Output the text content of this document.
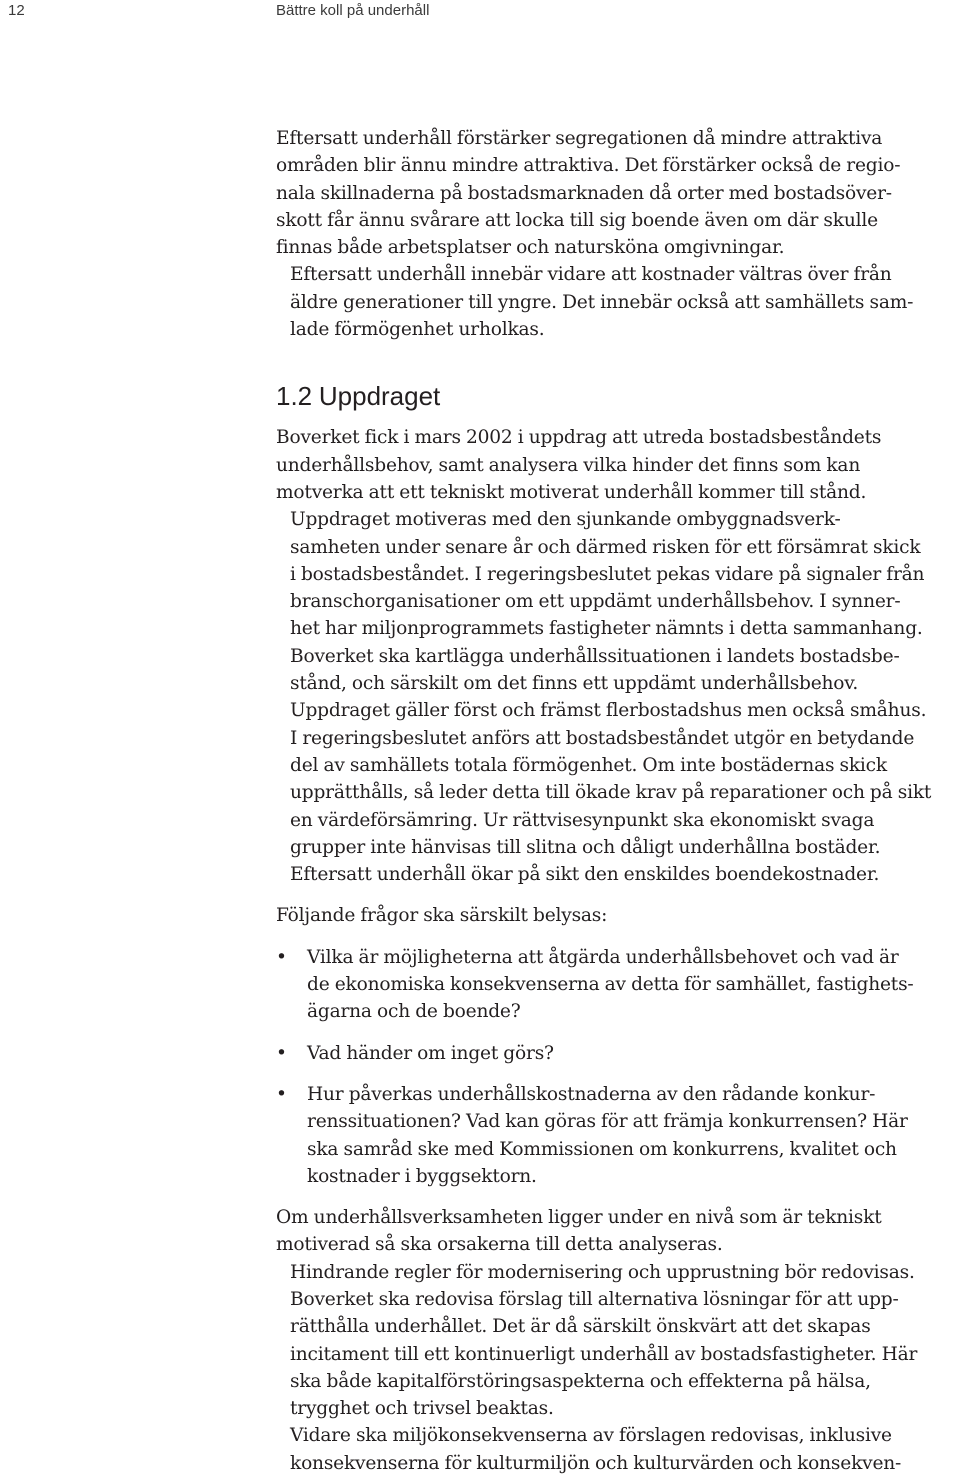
12	Bättre koll på underhåll

Eftersatt underhåll förstärker segregationen då mindre attraktiva
områden blir ännu mindre attraktiva. Det förstärker också de regio-
nala skillnaderna på bostadsmarknaden då orter med bostadsöver-
skott får ännu svårare att locka till sig boende även om där skulle
finnas både arbetsplatser och natursköna omgivningar.

Eftersatt underhåll innebär vidare att kostnader vältras över från
äldre generationer till yngre. Det innebär också att samhällets sam-
lade förmögenhet urholkas.

1.2 Uppdraget

Boverket fick i mars 2002 i uppdrag att utreda bostadsbeståndets
underhållsbehov, samt analysera vilka hinder det finns som kan
motverka att ett tekniskt motiverat underhåll kommer till stånd.

Uppdraget motiveras med den sjunkande ombyggnadsverk-
samheten under senare år och därmed risken för ett försämrat skick
i bostadsbeståndet. I regeringsbeslutet pekas vidare på signaler från
branschorganisationer om ett uppdämt underhållsbehov. I synner-
het har miljonprogrammets fastigheter nämnts i detta sammanhang.

Boverket ska kartlägga underhållssituationen i landets bostadsbe-
stånd, och särskilt om det finns ett uppdämt underhållsbehov.
Uppdraget gäller först och främst flerbostadshus men också småhus.

I regeringsbeslutet anförs att bostadsbeståndet utgör en betydande
del av samhällets totala förmögenhet. Om inte bostädernas skick
upprätthålls, så leder detta till ökade krav på reparationer och på sikt
en värdeförsämring. Ur rättvisesynpunkt ska ekonomiskt svaga
grupper inte hänvisas till slitna och dåligt underhållna bostäder.
Eftersatt underhåll ökar på sikt den enskildes boendekostnader.

Följande frågor ska särskilt belysas:

• Vilka är möjligheterna att åtgärda underhållsbehovet och vad är
de ekonomiska konsekvenserna av detta för samhället, fastighets-
ägarna och de boende?
• Vad händer om inget görs?
• Hur påverkas underhållskostnaderna av den rådande konkur-
renssituationen? Vad kan göras för att främja konkurrensen? Här
ska samråd ske med Kommissionen om konkurrens, kvalitet och
kostnader i byggsektorn.

Om underhållsverksamheten ligger under en nivå som är tekniskt
motiverad så ska orsakerna till detta analyseras.

Hindrande regler för modernisering och upprustning bör redovisas.

Boverket ska redovisa förslag till alternativa lösningar för att upp-
rätthålla underhållet. Det är då särskilt önskvärt att det skapas
incitament till ett kontinuerligt underhåll av bostadsfastigheter. Här
ska både kapitalförstöringsaspekterna och effekterna på hälsa,
trygghet och trivsel beaktas.

Vidare ska miljökonsekvenserna av förslagen redovisas, inklusive
konsekvenserna för kulturmiljön och kulturvärden och konsekven-
